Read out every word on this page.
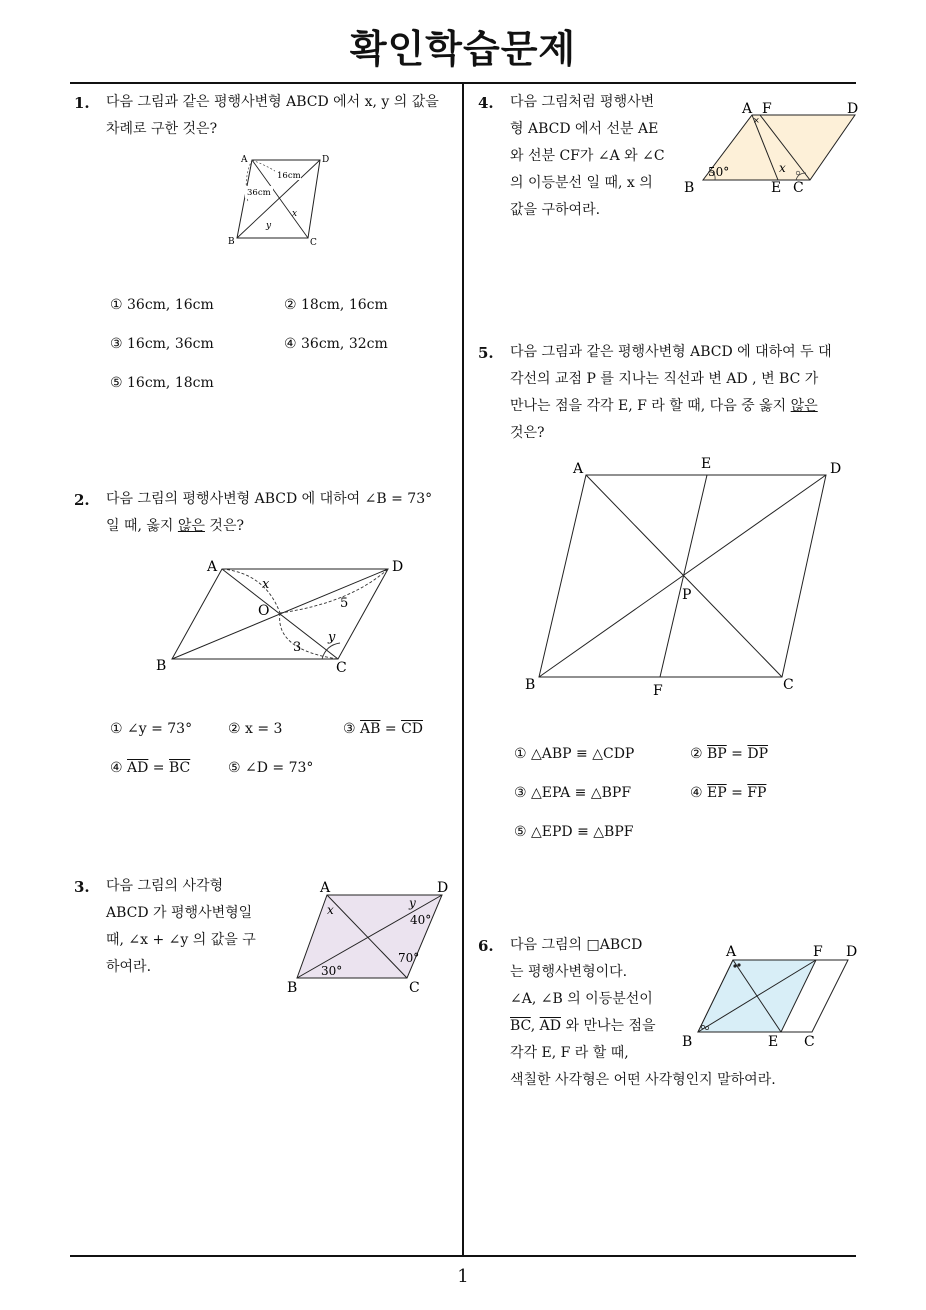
확인학습문제
1
1. 다음 그림과 같은 평행사변형 ABCD 에서 x, y 의 값을
차례로 구한 것은?
A	D
B	C
16cm
36cm
x
y
① 36cm, 16cm	② 18cm, 16cm
③ 16cm, 36cm	④ 36cm, 32cm
⑤ 16cm, 18cm
2. 다음 그림의 평행사변형 ABCD 에 대하여 ∠B = 73°
일 때, 옳지 않은 것은?
A	D
B	C
O
x
5
3
y
① ∠y = 73°	② x = 3	③ $\overline{AB} = \overline{CD}$
④ $\overline{AD} = \overline{BC}$	⑤ ∠D = 73°
3. 다음 그림의 사각형
ABCD 가 평행사변형일
때, ∠x + ∠y 의 값을 구
하여라.
A	D
B	C
x	y
40°
70°
30°
4. 다음 그림처럼 평행사변
형 ABCD 에서 선분 AE
와 선분 CF가 ∠A 와 ∠C
의 이등분선 일 때, x 의
값을 구하여라.
A F	D
B	E C
50°	x
×
5. 다음 그림과 같은 평행사변형 ABCD 에 대하여 두 대
각선의 교점 P 를 지나는 직선과 변 AD , 변 BC 가
만나는 점을 각각 E, F 라 할 때, 다음 중 옳지 않은
것은?
A	E	D
P
B	F	C
① △ABP ≡ △CDP	② $\overline{BP} = \overline{DP}$
③ △EPA ≡ △BPF	④ $\overline{EP} = \overline{FP}$
⑤ △EPD ≡ △BPF
6. 다음 그림의 □ABCD
는 평행사변형이다.
∠A, ∠B 의 이등분선이
$\overline{BC}$, $\overline{AD}$ 와 만나는 점을
각각 E, F 라 할 때,
색칠한 사각형은 어떤 사각형인지 말하여라.
A	F D
B	E C
